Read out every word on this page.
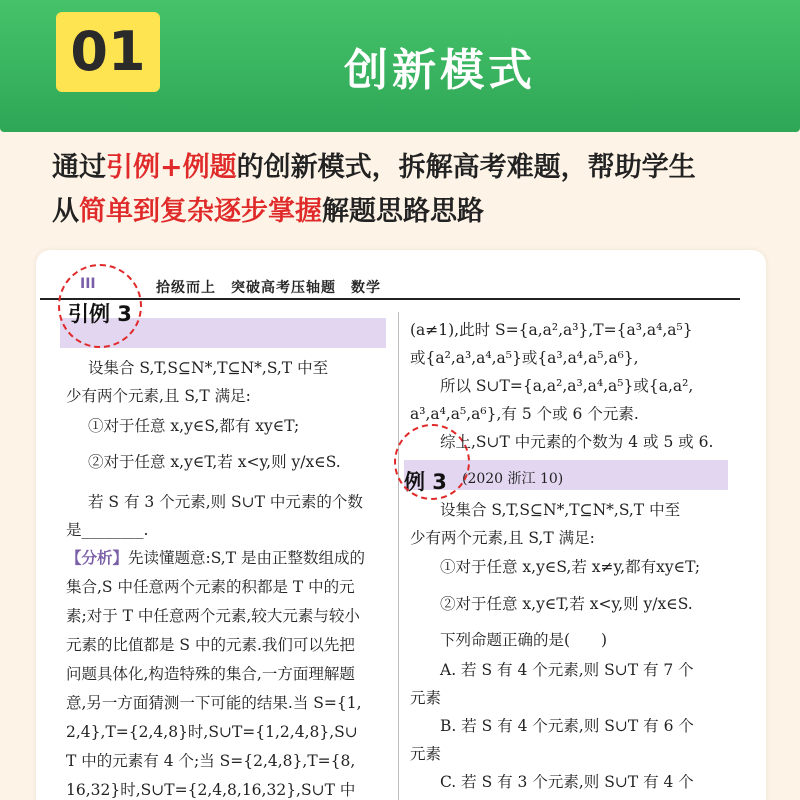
01	创新模式
通过引例+例题的创新模式，拆解高考难题，帮助学生
从简单到复杂逐步掌握解题思路思路
III	拾级而上　突破高考压轴题　数学
引例 3
例 3 (2020 浙江 10)

设集合 S,T,S⊆N*,T⊆N*,S,T 中至

少有两个元素,且 S,T 满足:

①对于任意 x,y∈S,都有 xy∈T;

②对于任意 x,y∈T,若 x<y,则 y/x∈S.

若 S 有 3 个元素,则 S∪T 中元素的个数

是________.

【分析】先读懂题意:S,T 是由正整数组成的

集合,S 中任意两个元素的积都是 T 中的元

素;对于 T 中任意两个元素,较大元素与较小

元素的比值都是 S 中的元素.我们可以先把

问题具体化,构造特殊的集合,一方面理解题

意,另一方面猜测一下可能的结果.当 S={1,

2,4},T={2,4,8}时,S∪T={1,2,4,8},S∪

T 中的元素有 4 个;当 S={2,4,8},T={8,

16,32}时,S∪T={2,4,8,16,32},S∪T 中

(a≠1),此时 S={a,a²,a³},T={a³,a⁴,a⁵}

或{a²,a³,a⁴,a⁵}或{a³,a⁴,a⁵,a⁶},

所以 S∪T={a,a²,a³,a⁴,a⁵}或{a,a²,

a³,a⁴,a⁵,a⁶},有 5 个或 6 个元素.

综上,S∪T 中元素的个数为 4 或 5 或 6.

设集合 S,T,S⊆N*,T⊆N*,S,T 中至

少有两个元素,且 S,T 满足:

①对于任意 x,y∈S,若 x≠y,都有xy∈T;

②对于任意 x,y∈T,若 x<y,则 y/x∈S.

下列命题正确的是(　　)

A. 若 S 有 4 个元素,则 S∪T 有 7 个

元素

B. 若 S 有 4 个元素,则 S∪T 有 6 个

元素

C. 若 S 有 3 个元素,则 S∪T 有 4 个
